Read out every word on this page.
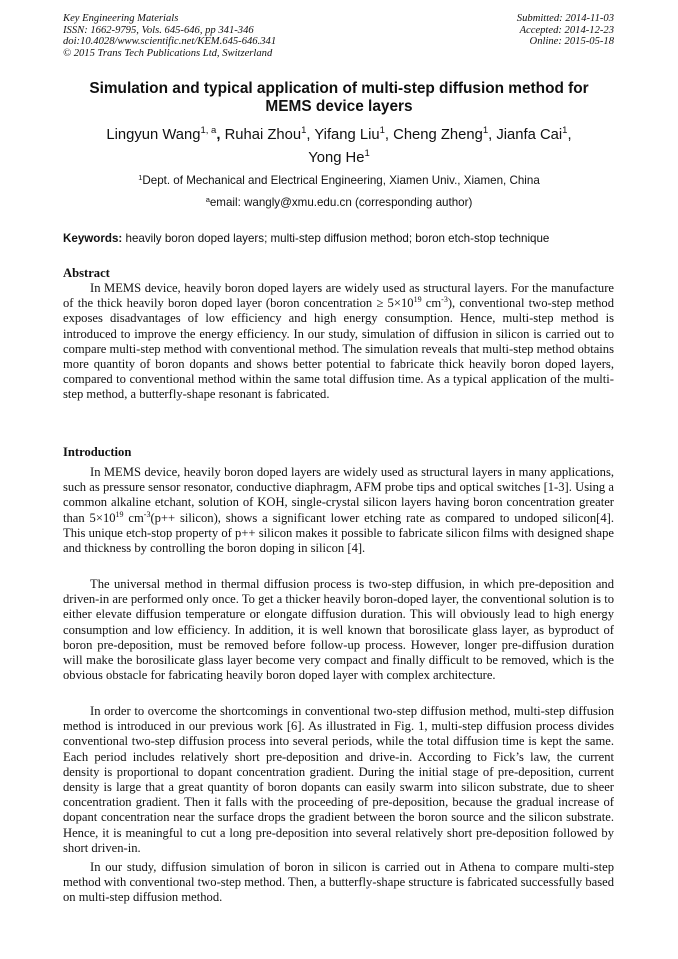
Key Engineering Materials
ISSN: 1662-9795, Vols. 645-646, pp 341-346
doi:10.4028/www.scientific.net/KEM.645-646.341
© 2015 Trans Tech Publications Ltd, Switzerland
Submitted: 2014-11-03
Accepted: 2014-12-23
Online: 2015-05-18
Simulation and typical application of multi-step diffusion method for
MEMS device layers
Lingyun Wang$^{1, a}$, Ruhai Zhou$^1$, Yifang Liu$^1$, Cheng Zheng$^1$, Jianfa Cai$^1$,
Yong He$^1$
$^1$Dept. of Mechanical and Electrical Engineering, Xiamen Univ., Xiamen, China
$^a$email: wangly@xmu.edu.cn (corresponding author)
Keywords: heavily boron doped layers; multi-step diffusion method; boron etch-stop technique
Abstract
In MEMS device, heavily boron doped layers are widely used as structural layers. For the manufacture of the thick heavily boron doped layer (boron concentration ≥ $5\times 10^{19}$ $cm^{-3}$), conventional two-step method exposes disadvantages of low efficiency and high energy consumption. Hence, multi-step method is introduced to improve the energy efficiency. In our study, simulation of diffusion in silicon is carried out to compare multi-step method with conventional method. The simulation reveals that multi-step method obtains more quantity of boron dopants and shows better potential to fabricate thick heavily boron doped layers, compared to conventional method within the same total diffusion time. As a typical application of the multi-step method, a butterfly-shape resonant is fabricated.
Introduction
In MEMS device, heavily boron doped layers are widely used as structural layers in many applications, such as pressure sensor resonator, conductive diaphragm, AFM probe tips and optical switches [1-3]. Using a common alkaline etchant, solution of KOH, single-crystal silicon layers having boron concentration greater than $5\times 10^{19}$ $cm^{-3}(p++$ silicon), shows a significant lower etching rate as compared to undoped silicon[4]. This unique etch-stop property of p++ silicon makes it possible to fabricate silicon films with designed shape and thickness by controlling the boron doping in silicon [4].
The universal method in thermal diffusion process is two-step diffusion, in which pre-deposition and driven-in are performed only once. To get a thicker heavily boron-doped layer, the conventional solution is to either elevate diffusion temperature or elongate diffusion duration. This will obviously lead to high energy consumption and low efficiency. In addition, it is well known that borosilicate glass layer, as byproduct of boron pre-deposition, must be removed before follow-up process. However, longer pre-diffusion duration will make the borosilicate glass layer become very compact and finally difficult to be removed, which is the obvious obstacle for fabricating heavily boron doped layer with complex architecture.
In order to overcome the shortcomings in conventional two-step diffusion method, multi-step diffusion method is introduced in our previous work [6]. As illustrated in Fig. 1, multi-step diffusion process divides conventional two-step diffusion process into several periods, while the total diffusion time is kept the same. Each period includes relatively short pre-deposition and drive-in. According to Fick’s law, the current density is proportional to dopant concentration gradient. During the initial stage of pre-deposition, current density is large that a great quantity of boron dopants can easily swarm into silicon substrate, due to sheer concentration gradient. Then it falls with the proceeding of pre-deposition, because the gradual increase of dopant concentration near the surface drops the gradient between the boron source and the silicon substrate. Hence, it is meaningful to cut a long pre-deposition into several relatively short pre-deposition followed by short driven-in.
In our study, diffusion simulation of boron in silicon is carried out in Athena to compare multi-step method with conventional two-step method. Then, a butterfly-shape structure is fabricated successfully based on multi-step diffusion method.
